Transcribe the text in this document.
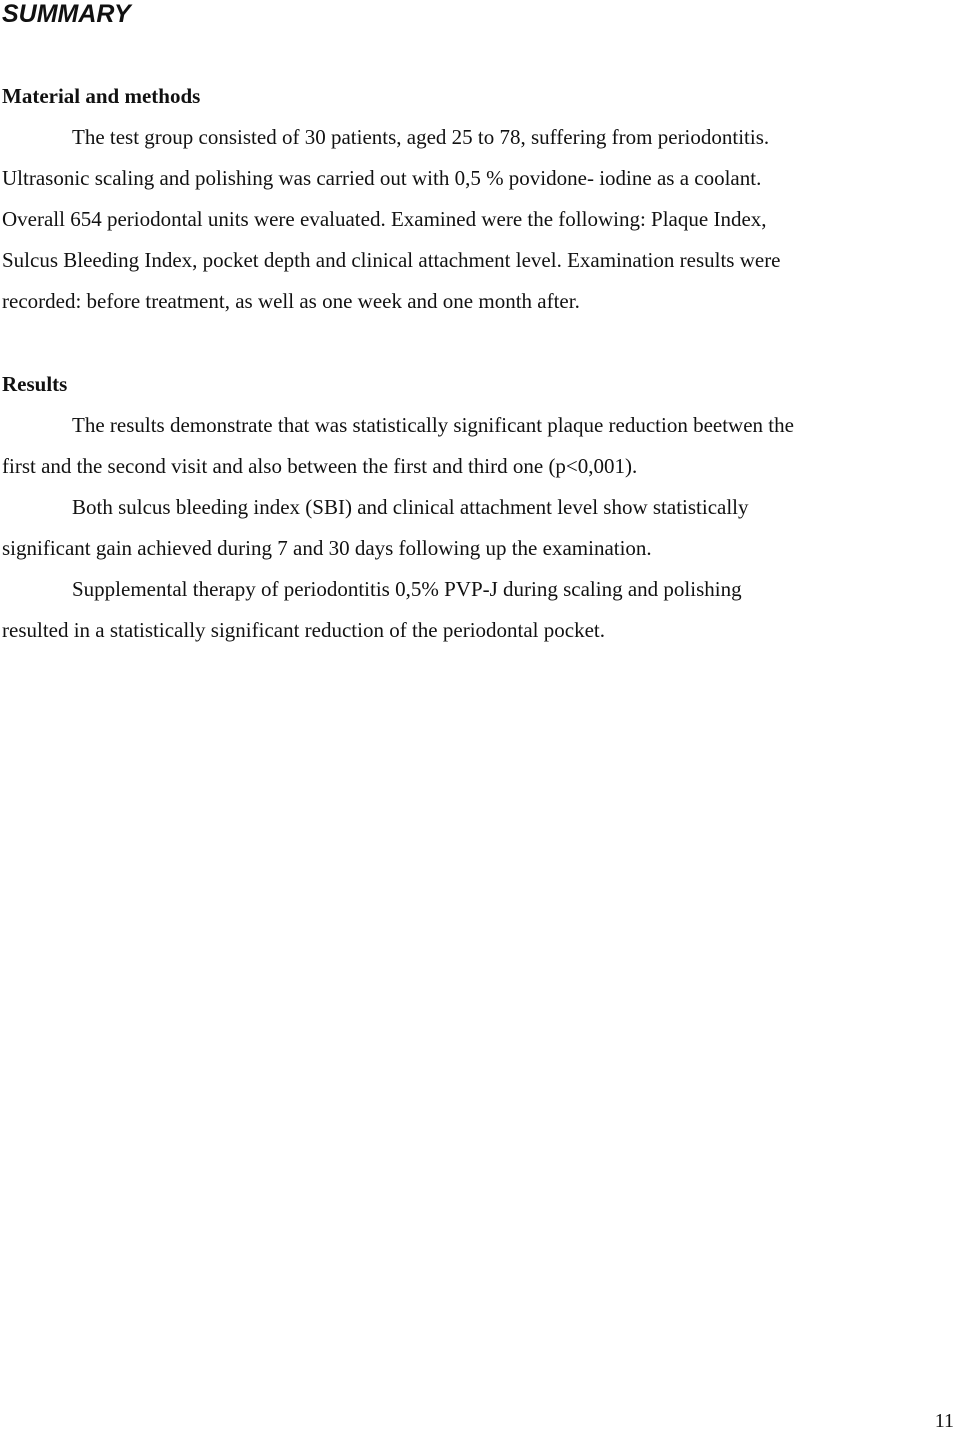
SUMMARY
Material and methods

The test group consisted of 30 patients, aged 25 to 78, suffering from periodontitis.
Ultrasonic scaling and polishing was carried out with 0,5 % povidone- iodine as a coolant.
Overall 654 periodontal units were evaluated. Examined were the following: Plaque Index,
Sulcus Bleeding Index, pocket depth and clinical attachment level. Examination results were
recorded: before treatment, as well as one week and one month after.

Results

The results demonstrate that was statistically significant plaque reduction beetwen the
first and the second visit and also between the first and third one (p<0,001).

Both sulcus bleeding index (SBI) and clinical attachment level show statistically
significant gain achieved during 7 and 30 days following up the examination.

Supplemental therapy of periodontitis 0,5% PVP-J during scaling and polishing
resulted in a statistically significant reduction of the periodontal pocket.

11
